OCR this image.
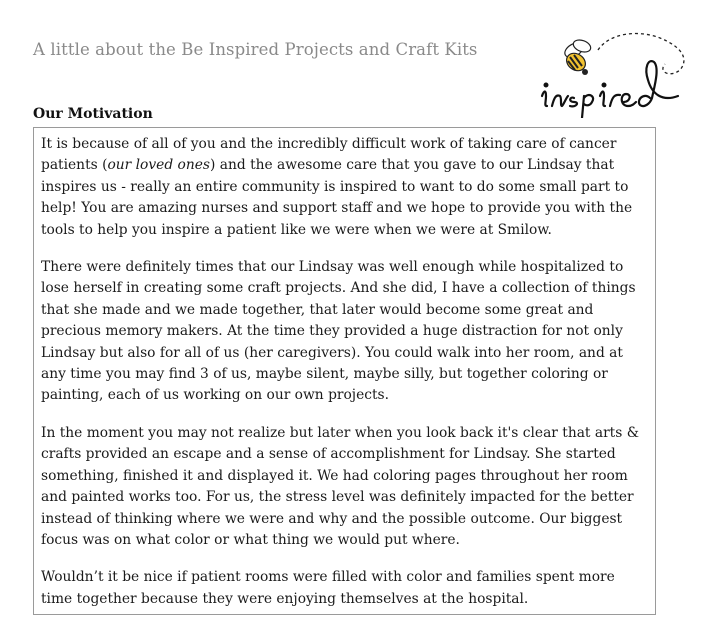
A little about the Be Inspired Projects and Craft Kits
Our Motivation

It is because of all of you and the incredibly difficult work of taking care of cancer patients (our loved ones) and the awesome care that you gave to our Lindsay that inspires us - really an entire community is inspired to want to do some small part to help! You are amazing nurses and support staff and we hope to provide you with the tools to help you inspire a patient like we were when we were at Smilow.

There were definitely times that our Lindsay was well enough while hospitalized to lose herself in creating some craft projects. And she did, I have a collection of things that she made and we made together, that later would become some great and precious memory makers. At the time they provided a huge distraction for not only Lindsay but also for all of us (her caregivers). You could walk into her room, and at any time you may find 3 of us, maybe silent, maybe silly, but together coloring or painting, each of us working on our own projects.

In the moment you may not realize but later when you look back it's clear that arts & crafts provided an escape and a sense of accomplishment for Lindsay. She started something, finished it and displayed it. We had coloring pages throughout her room and painted works too. For us, the stress level was definitely impacted for the better instead of thinking where we were and why and the possible outcome. Our biggest focus was on what color or what thing we would put where.

Wouldn’t it be nice if patient rooms were filled with color and families spent more time together because they were enjoying themselves at the hospital.
